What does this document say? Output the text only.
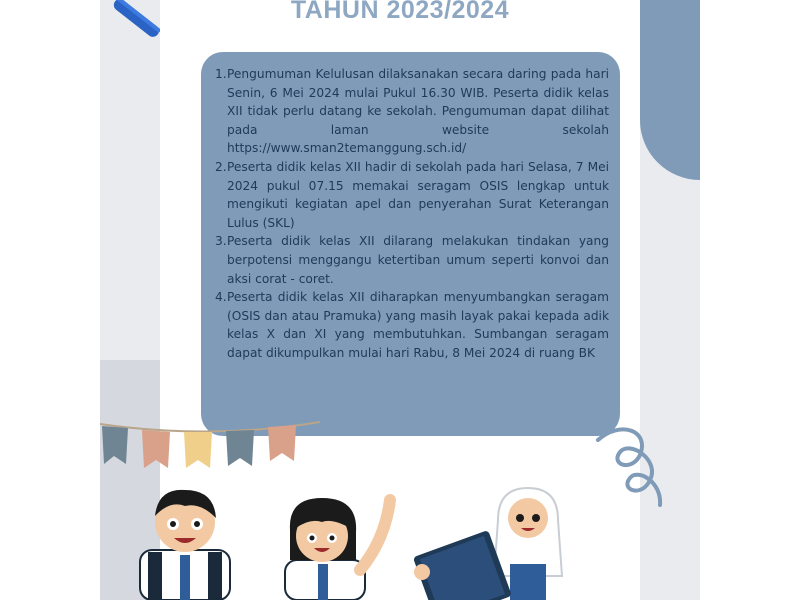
TAHUN 2023/2024
1. Pengumuman Kelulusan dilaksanakan secara daring pada hari Senin, 6 Mei 2024 mulai Pukul 16.30 WIB. Peserta didik kelas XII tidak perlu datang ke sekolah. Pengumuman dapat dilihat pada laman website sekolah https://www.sman2temanggung.sch.id/
2. Peserta didik kelas XII hadir di sekolah pada hari Selasa, 7 Mei 2024 pukul 07.15 memakai seragam OSIS lengkap untuk mengikuti kegiatan apel dan penyerahan Surat Keterangan Lulus (SKL)
3. Peserta didik kelas XII dilarang melakukan tindakan yang berpotensi menggangu ketertiban umum seperti konvoi dan aksi corat - coret.
4. Peserta didik kelas XII diharapkan menyumbangkan seragam (OSIS dan atau Pramuka) yang masih layak pakai kepada adik kelas X dan XI yang membutuhkan. Sumbangan seragam dapat dikumpulkan mulai hari Rabu, 8 Mei 2024 di ruang BK
